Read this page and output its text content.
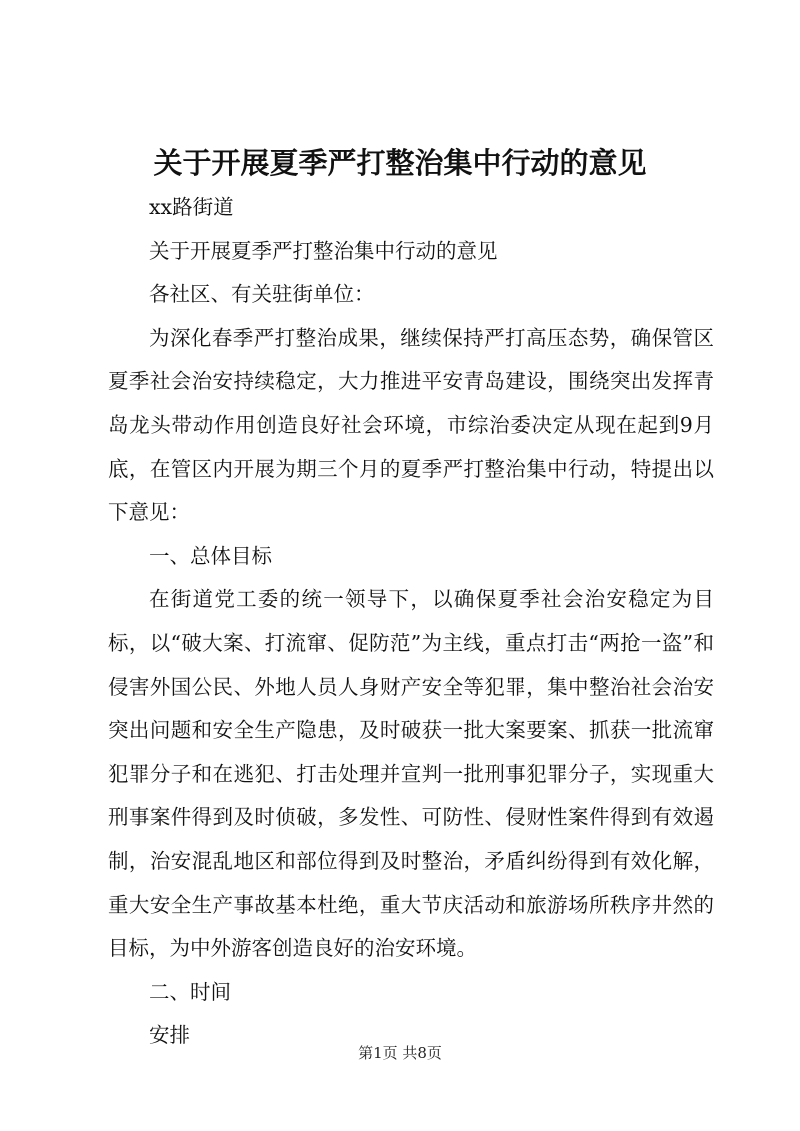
关于开展夏季严打整治集中行动的意见

xx路街道

关于开展夏季严打整治集中行动的意见

各社区、有关驻街单位：

为深化春季严打整治成果，继续保持严打高压态势，确保管区夏季社会治安持续稳定，大力推进平安青岛建设，围绕突出发挥青岛龙头带动作用创造良好社会环境，市综治委决定从现在起到9月底，在管区内开展为期三个月的夏季严打整治集中行动，特提出以下意见：

一、总体目标

在街道党工委的统一领导下，以确保夏季社会治安稳定为目标，以“破大案、打流窜、促防范”为主线，重点打击“两抢一盗”和侵害外国公民、外地人员人身财产安全等犯罪，集中整治社会治安突出问题和安全生产隐患，及时破获一批大案要案、抓获一批流窜犯罪分子和在逃犯、打击处理并宣判一批刑事犯罪分子，实现重大刑事案件得到及时侦破，多发性、可防性、侵财性案件得到有效遏制，治安混乱地区和部位得到及时整治，矛盾纠纷得到有效化解，重大安全生产事故基本杜绝，重大节庆活动和旅游场所秩序井然的目标，为中外游客创造良好的治安环境。

二、时间

安排

第1页 共8页
